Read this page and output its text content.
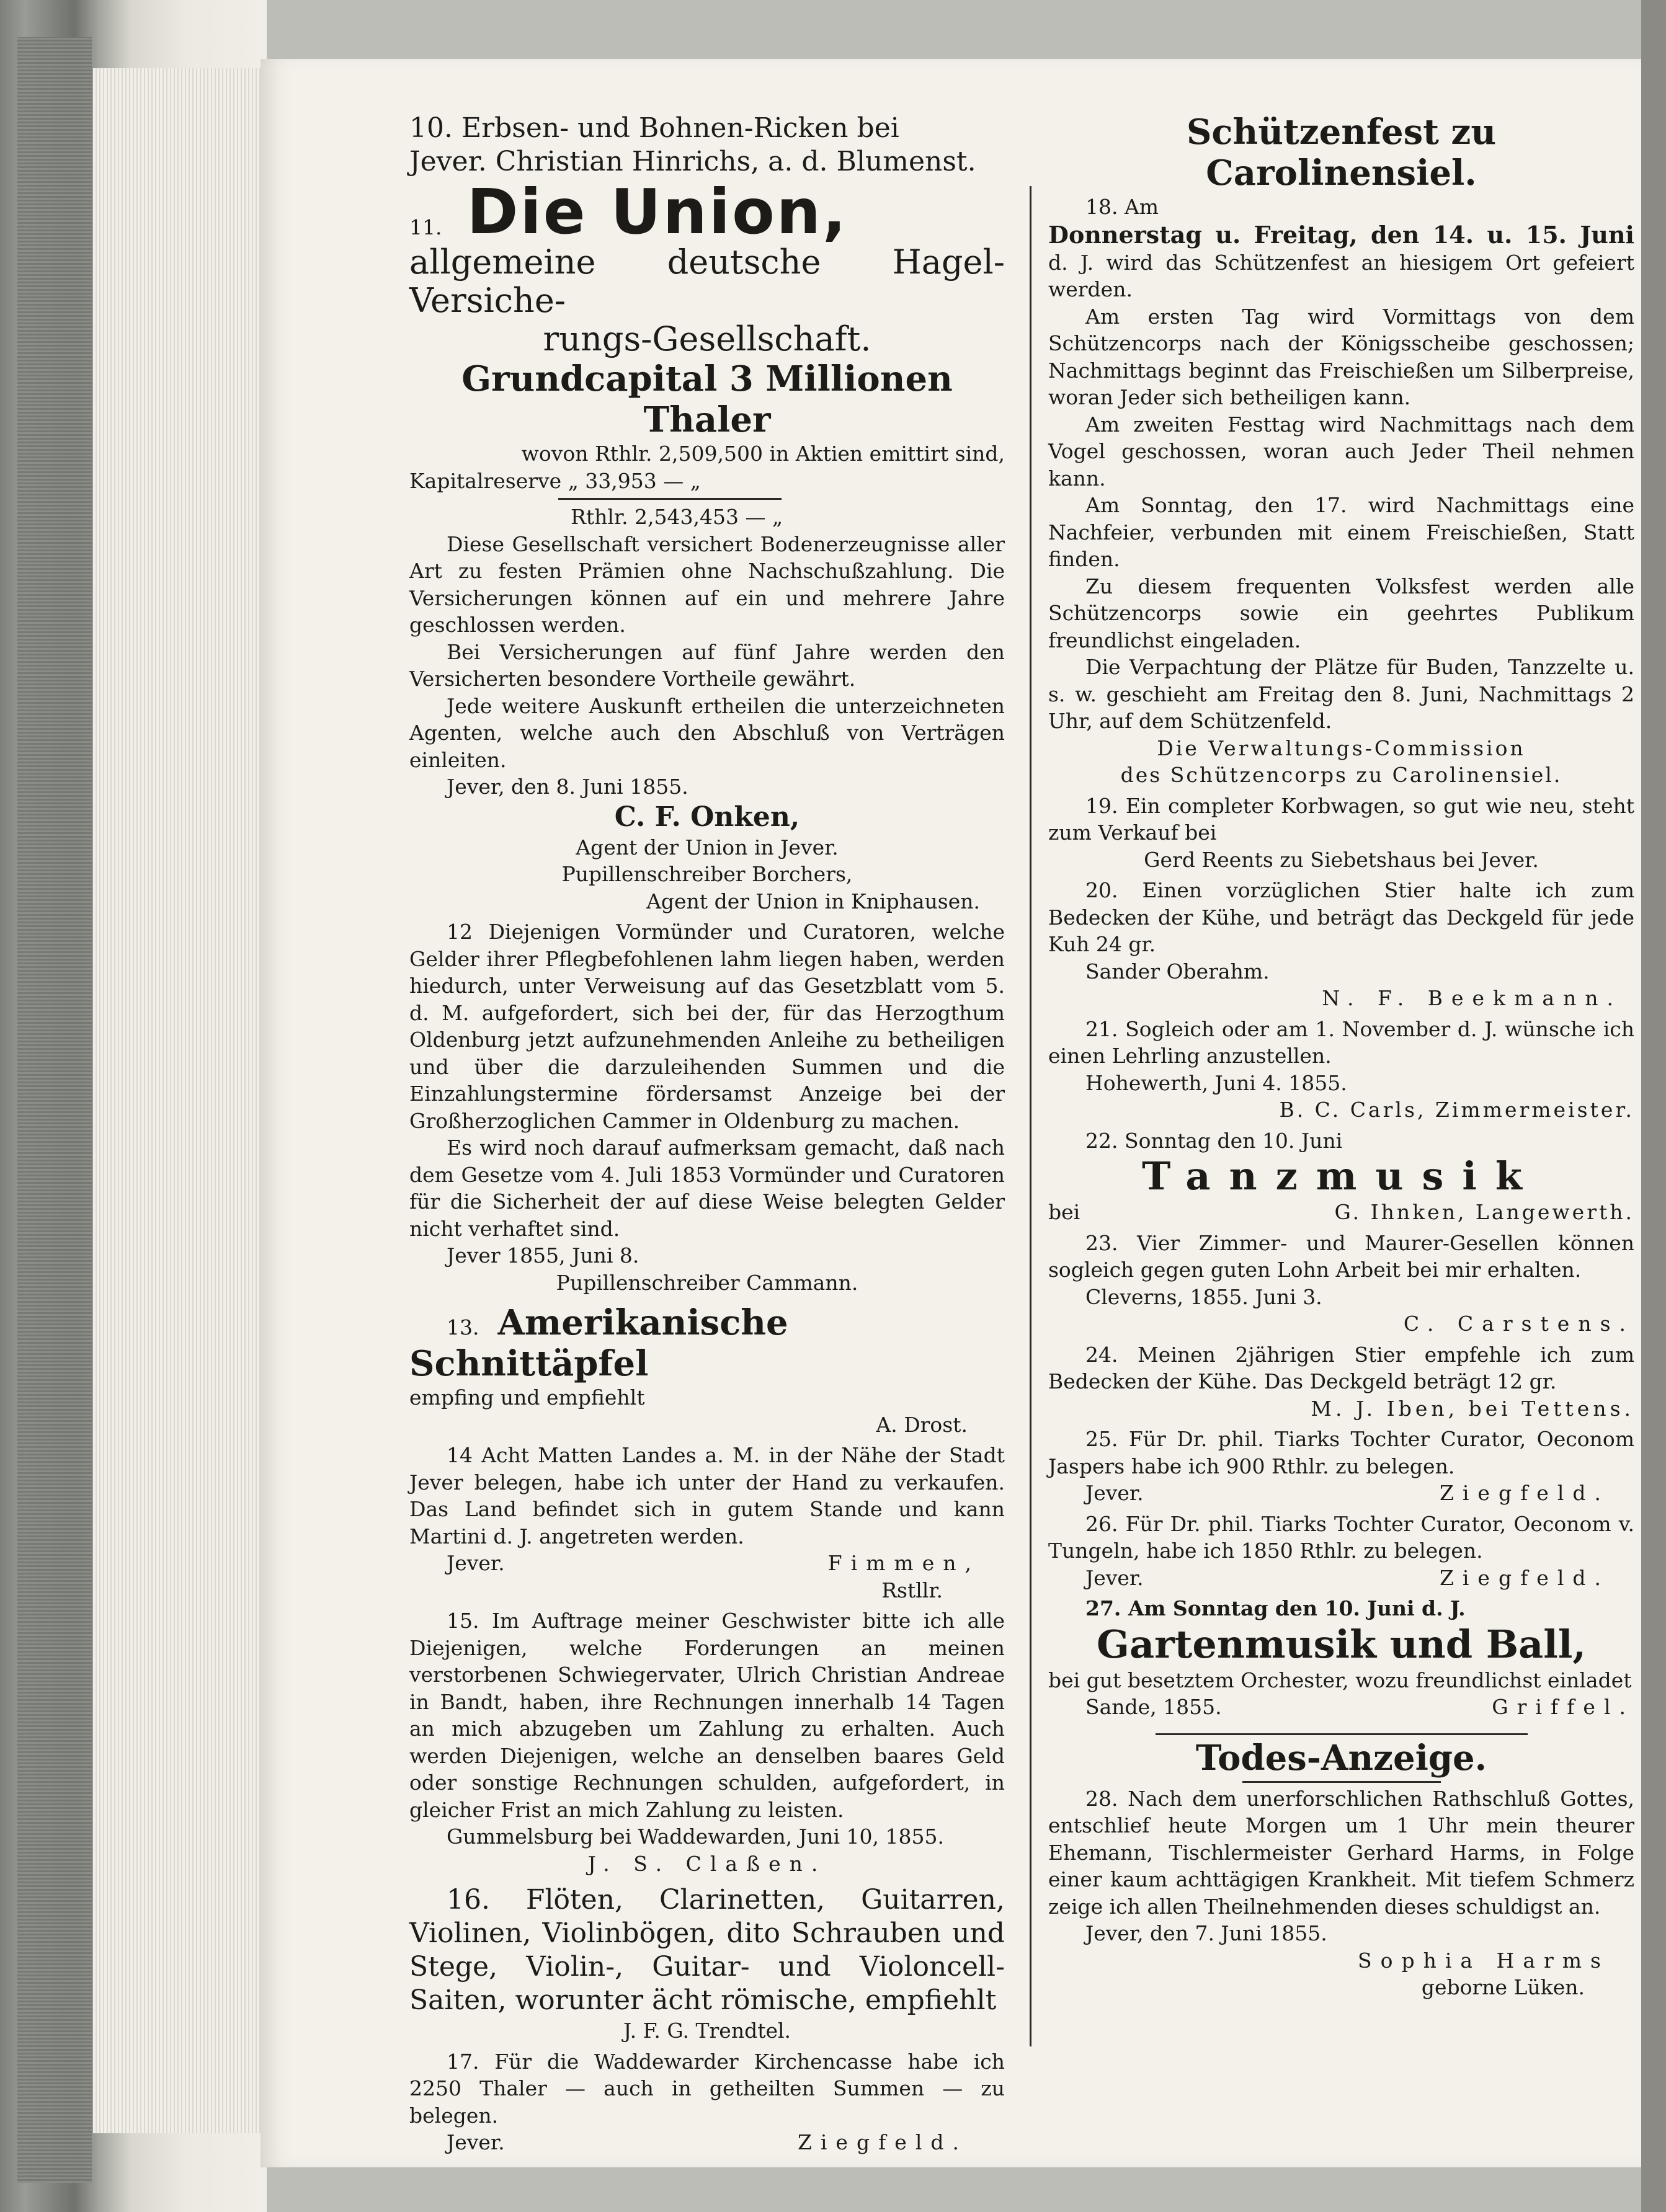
10. Erbsen- und Bohnen-Ricken bei

Jever. Christian Hinrichs, a. d. Blumenst.

11. Die Union,

allgemeine deutsche Hagel-Versiche-

rungs-Gesellschaft.

Grundcapital 3 Millionen Thaler

wovon Rthlr. 2,509,500 in Aktien emittirt sind,

Kapitalreserve „ 33,953 — „

Rthlr. 2,543,453 — „

Diese Gesellschaft versichert Bodenerzeugnisse aller Art zu festen Prämien ohne Nachschußzahlung. Die Versicherungen können auf ein und mehrere Jahre geschlossen werden.

Bei Versicherungen auf fünf Jahre werden den Versicherten besondere Vortheile gewährt.

Jede weitere Auskunft ertheilen die unterzeichneten Agenten, welche auch den Abschluß von Verträgen einleiten.

Jever, den 8. Juni 1855.

C. F. Onken,

Agent der Union in Jever.

Pupillenschreiber Borchers,

Agent der Union in Kniphausen.

12 Diejenigen Vormünder und Curatoren, welche Gelder ihrer Pflegbefohlenen lahm liegen haben, werden hiedurch, unter Verweisung auf das Gesetzblatt vom 5. d. M. aufgefordert, sich bei der, für das Herzogthum Oldenburg jetzt aufzunehmenden Anleihe zu betheiligen und über die darzuleihenden Summen und die Einzahlungstermine fördersamst Anzeige bei der Großherzoglichen Cammer in Oldenburg zu machen.

Es wird noch darauf aufmerksam gemacht, daß nach dem Gesetze vom 4. Juli 1853 Vormünder und Curatoren für die Sicherheit der auf diese Weise belegten Gelder nicht verhaftet sind.

Jever 1855, Juni 8.

Pupillenschreiber Cammann.

13. Amerikanische Schnittäpfel

empfing und empfiehlt

A. Drost.

14 Acht Matten Landes a. M. in der Nähe der Stadt Jever belegen, habe ich unter der Hand zu verkaufen. Das Land befindet sich in gutem Stande und kann Martini d. J. angetreten werden.

Jever.	Fimmen,

Rstllr.

15. Im Auftrage meiner Geschwister bitte ich alle Diejenigen, welche Forderungen an meinen verstorbenen Schwiegervater, Ulrich Christian Andreae in Bandt, haben, ihre Rechnungen innerhalb 14 Tagen an mich abzugeben um Zahlung zu erhalten. Auch werden Diejenigen, welche an denselben baares Geld oder sonstige Rechnungen schulden, aufgefordert, in gleicher Frist an mich Zahlung zu leisten.

Gummelsburg bei Waddewarden, Juni 10, 1855.

J. S. Claßen.

16. Flöten, Clarinetten, Guitarren, Violinen, Violinbögen, dito Schrauben und Stege, Violin-, Guitar- und Violoncell-Saiten, worunter ächt römische, empfiehlt

J. F. G. Trendtel.

17. Für die Waddewarder Kirchencasse habe ich 2250 Thaler — auch in getheilten Summen — zu belegen.

Jever.	Ziegfeld.

Schützenfest zu Carolinensiel.

18. Am

Donnerstag u. Freitag, den 14. u. 15. Juni

d. J. wird das Schützenfest an hiesigem Ort gefeiert werden.

Am ersten Tag wird Vormittags von dem Schützencorps nach der Königsscheibe geschossen; Nachmittags beginnt das Freischießen um Silberpreise, woran Jeder sich betheiligen kann.

Am zweiten Festtag wird Nachmittags nach dem Vogel geschossen, woran auch Jeder Theil nehmen kann.

Am Sonntag, den 17. wird Nachmittags eine Nachfeier, verbunden mit einem Freischießen, Statt finden.

Zu diesem frequenten Volksfest werden alle Schützencorps sowie ein geehrtes Publikum freundlichst eingeladen.

Die Verpachtung der Plätze für Buden, Tanzzelte u. s. w. geschieht am Freitag den 8. Juni, Nachmittags 2 Uhr, auf dem Schützenfeld.

Die Verwaltungs-Commission

des Schützencorps zu Carolinensiel.

19. Ein completer Korbwagen, so gut wie neu, steht zum Verkauf bei

Gerd Reents zu Siebetshaus bei Jever.

20. Einen vorzüglichen Stier halte ich zum Bedecken der Kühe, und beträgt das Deckgeld für jede Kuh 24 gr.

Sander Oberahm.

N. F. Beekmann.

21. Sogleich oder am 1. November d. J. wünsche ich einen Lehrling anzustellen.

Hohewerth, Juni 4. 1855.

B. C. Carls, Zimmermeister.

22. Sonntag den 10. Juni

Tanzmusik

bei	G. Ihnken, Langewerth.

23. Vier Zimmer- und Maurer-Gesellen können sogleich gegen guten Lohn Arbeit bei mir erhalten.

Cleverns, 1855. Juni 3.

C. Carstens.

24. Meinen 2jährigen Stier empfehle ich zum Bedecken der Kühe. Das Deckgeld beträgt 12 gr.

M. J. Iben, bei Tettens.

25. Für Dr. phil. Tiarks Tochter Curator, Oeconom Jaspers habe ich 900 Rthlr. zu belegen.

Jever.	Ziegfeld.

26. Für Dr. phil. Tiarks Tochter Curator, Oeconom v. Tungeln, habe ich 1850 Rthlr. zu belegen.

Jever.	Ziegfeld.

27. Am Sonntag den 10. Juni d. J.

Gartenmusik und Ball,

bei gut besetztem Orchester, wozu freundlichst einladet

Sande, 1855.	Griffel.

Todes-Anzeige.

28. Nach dem unerforschlichen Rathschluß Gottes, entschlief heute Morgen um 1 Uhr mein theurer Ehemann, Tischlermeister Gerhard Harms, in Folge einer kaum achttägigen Krankheit. Mit tiefem Schmerz zeige ich allen Theilnehmenden dieses schuldigst an.

Jever, den 7. Juni 1855.

Sophia Harms

geborne Lüken.
